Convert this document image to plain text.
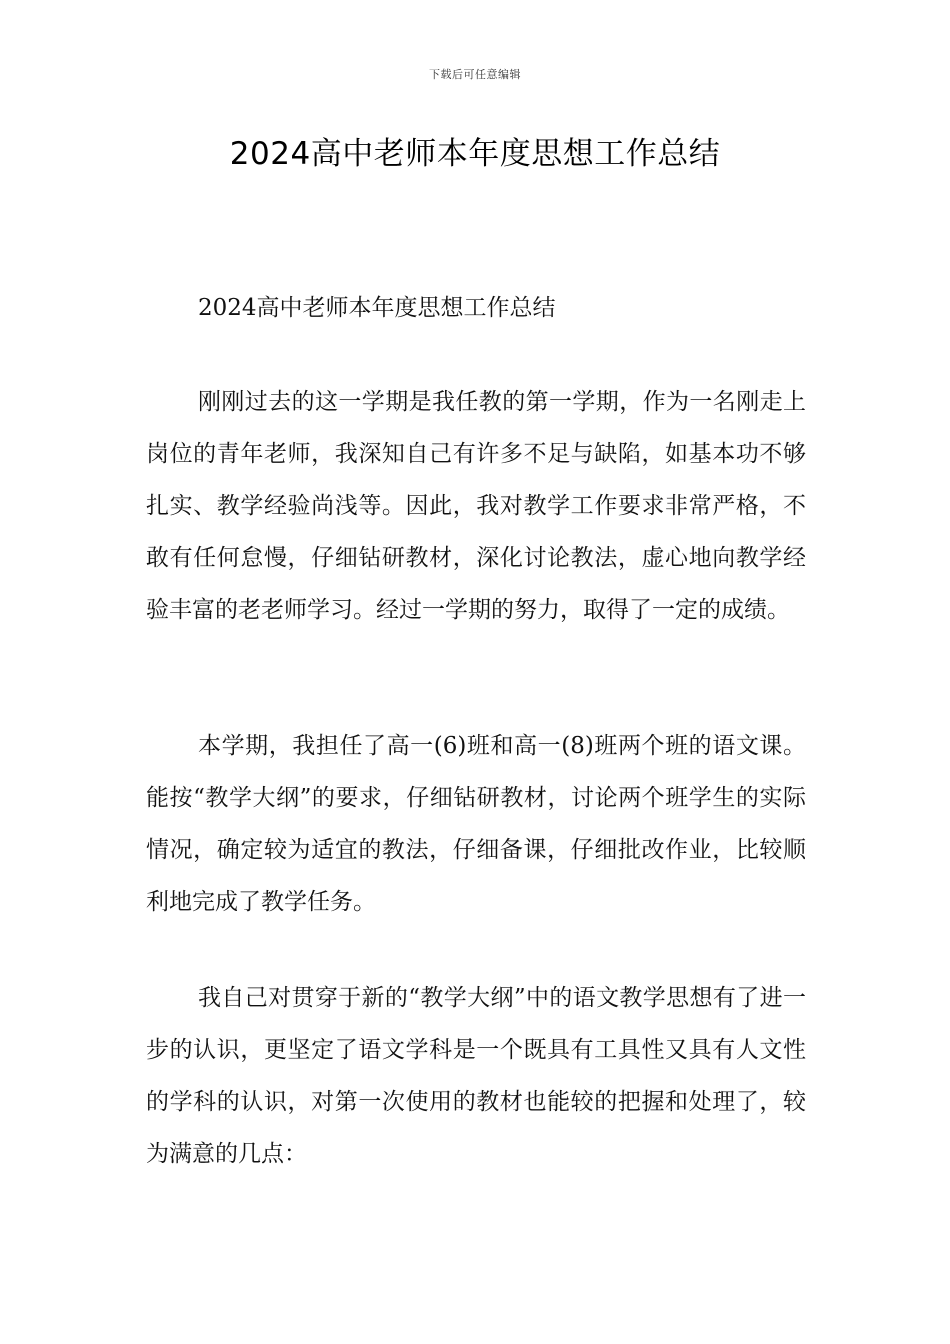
下载后可任意编辑
2024高中老师本年度思想工作总结

2024高中老师本年度思想工作总结

刚刚过去的这一学期是我任教的第一学期，作为一名刚走上岗位的青年老师，我深知自己有许多不足与缺陷，如基本功不够扎实、教学经验尚浅等。因此，我对教学工作要求非常严格，不敢有任何怠慢，仔细钻研教材，深化讨论教法，虚心地向教学经验丰富的老老师学习。经过一学期的努力，取得了一定的成绩。

本学期，我担任了高一(6)班和高一(8)班两个班的语文课。能按“教学大纲”的要求，仔细钻研教材，讨论两个班学生的实际情况，确定较为适宜的教法，仔细备课，仔细批改作业，比较顺利地完成了教学任务。

我自己对贯穿于新的“教学大纲”中的语文教学思想有了进一步的认识，更坚定了语文学科是一个既具有工具性又具有人文性的学科的认识，对第一次使用的教材也能较的把握和处理了，较为满意的几点：
